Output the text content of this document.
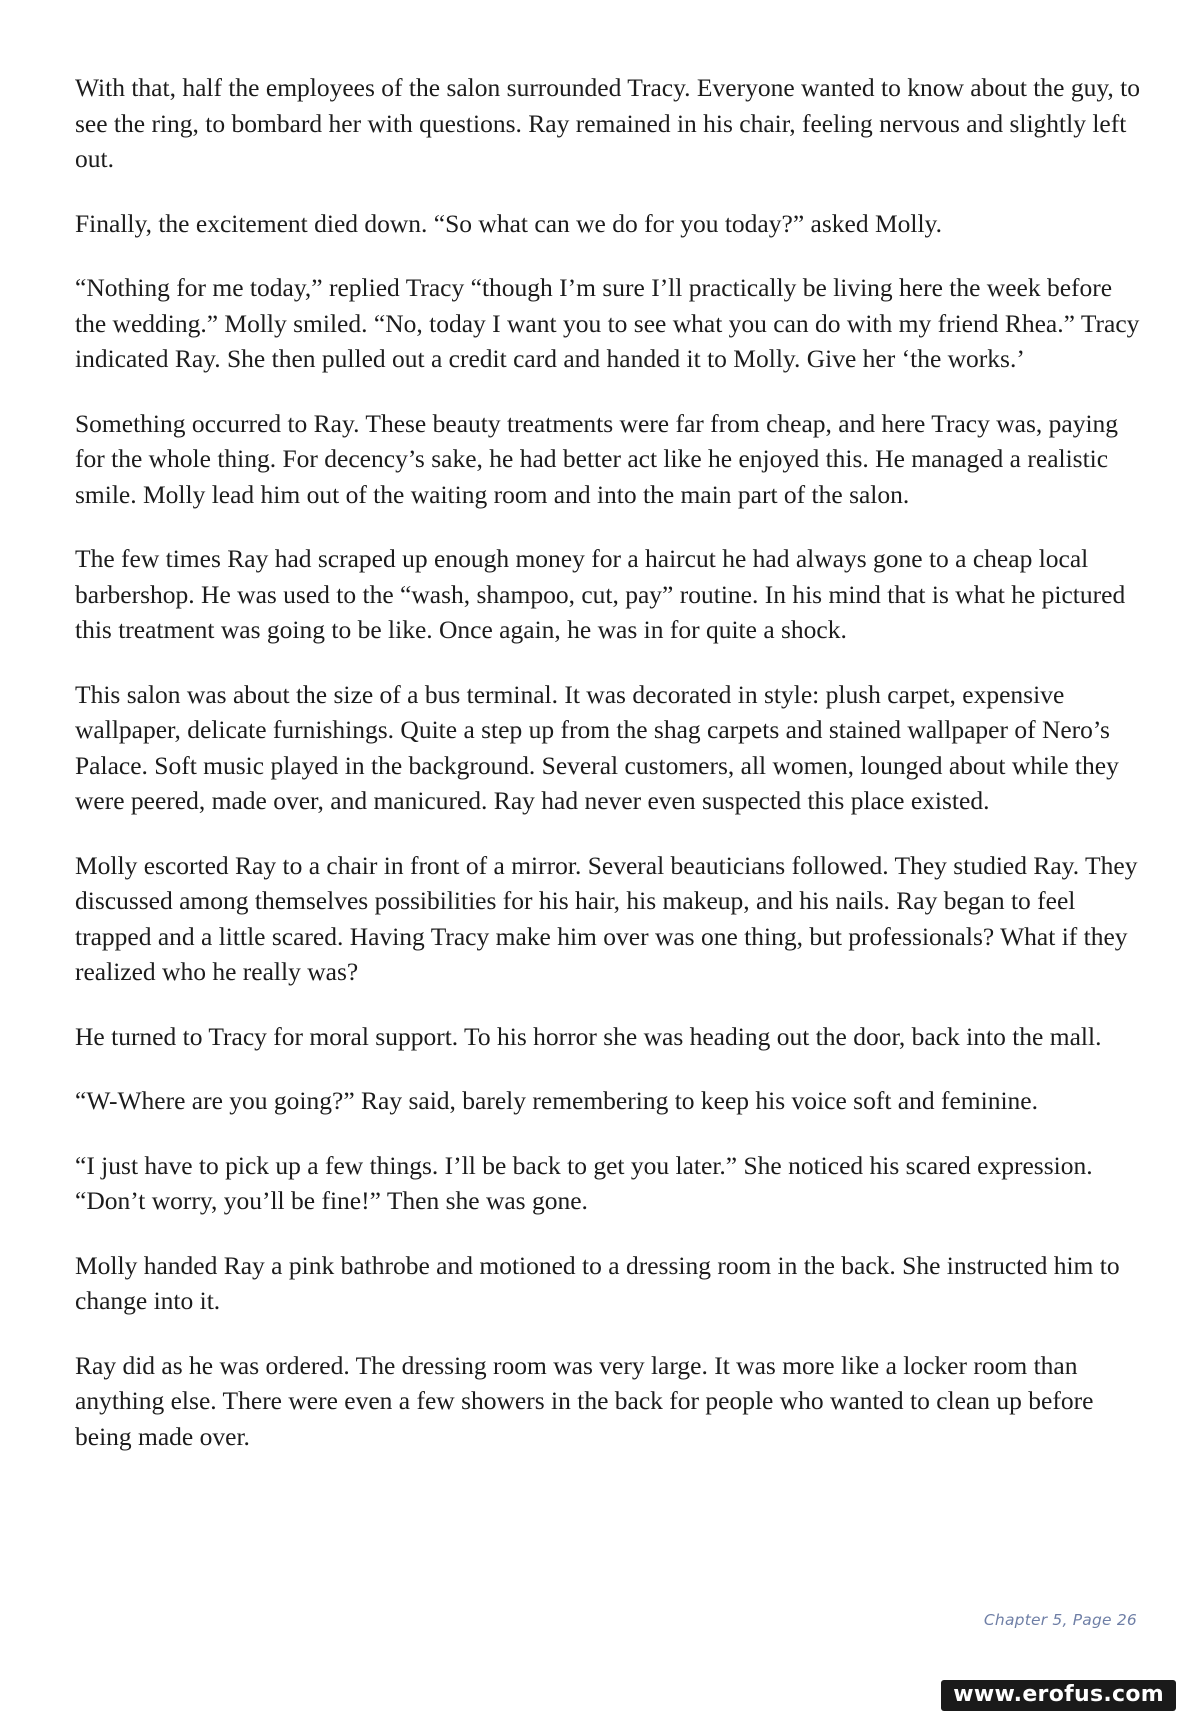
With that, half the employees of the salon surrounded Tracy. Everyone wanted to know about the guy, to see the ring, to bombard her with questions. Ray remained in his chair, feeling nervous and slightly left out.

Finally, the excitement died down. “So what can we do for you today?” asked Molly.

“Nothing for me today,” replied Tracy “though I’m sure I’ll practically be living here the week before the wedding.” Molly smiled. “No, today I want you to see what you can do with my friend Rhea.” Tracy indicated Ray. She then pulled out a credit card and handed it to Molly. Give her ‘the works.’

Something occurred to Ray. These beauty treatments were far from cheap, and here Tracy was, paying for the whole thing. For decency’s sake, he had better act like he enjoyed this. He managed a realistic smile. Molly lead him out of the waiting room and into the main part of the salon.

The few times Ray had scraped up enough money for a haircut he had always gone to a cheap local barbershop. He was used to the “wash, shampoo, cut, pay” routine. In his mind that is what he pictured this treatment was going to be like. Once again, he was in for quite a shock.

This salon was about the size of a bus terminal. It was decorated in style: plush carpet, expensive wallpaper, delicate furnishings. Quite a step up from the shag carpets and stained wallpaper of Nero’s Palace. Soft music played in the background. Several customers, all women, lounged about while they were peered, made over, and manicured. Ray had never even suspected this place existed.

Molly escorted Ray to a chair in front of a mirror. Several beauticians followed. They studied Ray. They discussed among themselves possibilities for his hair, his makeup, and his nails. Ray began to feel trapped and a little scared. Having Tracy make him over was one thing, but professionals? What if they realized who he really was?

He turned to Tracy for moral support. To his horror she was heading out the door, back into the mall.

“W-Where are you going?” Ray said, barely remembering to keep his voice soft and feminine.

“I just have to pick up a few things. I’ll be back to get you later.” She noticed his scared expression. “Don’t worry, you’ll be fine!” Then she was gone.

Molly handed Ray a pink bathrobe and motioned to a dressing room in the back. She instructed him to change into it.

Ray did as he was ordered. The dressing room was very large. It was more like a locker room than anything else. There were even a few showers in the back for people who wanted to clean up before being made over.

Chapter 5, Page 26
www.erofus.com
